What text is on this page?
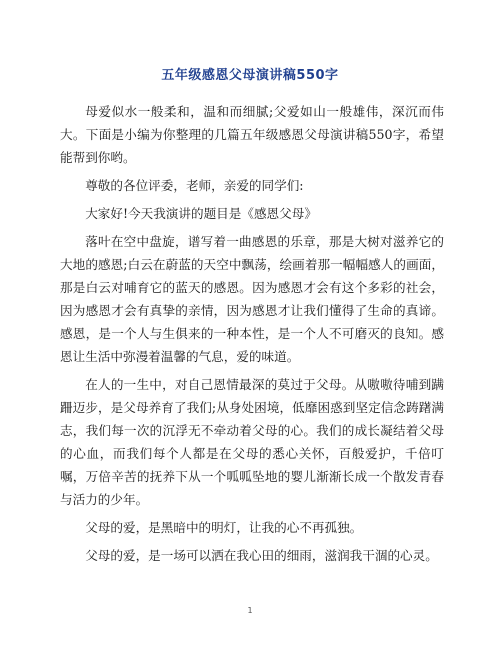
五年级感恩父母演讲稿550字

母爱似水一般柔和，温和而细腻;父爱如山一般雄伟，深沉而伟大。下面是小编为你整理的几篇五年级感恩父母演讲稿550字，希望能帮到你哟。

尊敬的各位评委，老师，亲爱的同学们:

大家好!今天我演讲的题目是《感恩父母》

落叶在空中盘旋，谱写着一曲感恩的乐章，那是大树对滋养它的大地的感恩;白云在蔚蓝的天空中飘荡，绘画着那一幅幅感人的画面，那是白云对哺育它的蓝天的感恩。因为感恩才会有这个多彩的社会，因为感恩才会有真挚的亲情，因为感恩才让我们懂得了生命的真谛。感恩，是一个人与生俱来的一种本性，是一个人不可磨灭的良知。感恩让生活中弥漫着温馨的气息，爱的味道。

在人的一生中，对自己恩情最深的莫过于父母。从嗷嗷待哺到蹒跚迈步，是父母养育了我们;从身处困境，低靡困惑到坚定信念踌躇满志，我们每一次的沉浮无不牵动着父母的心。我们的成长凝结着父母的心血，而我们每个人都是在父母的悉心关怀，百般爱护，千倍叮嘱，万倍辛苦的抚养下从一个呱呱坠地的婴儿渐渐长成一个散发青春与活力的少年。

父母的爱，是黑暗中的明灯，让我的心不再孤独。

父母的爱，是一场可以洒在我心田的细雨，滋润我干涸的心灵。

1
